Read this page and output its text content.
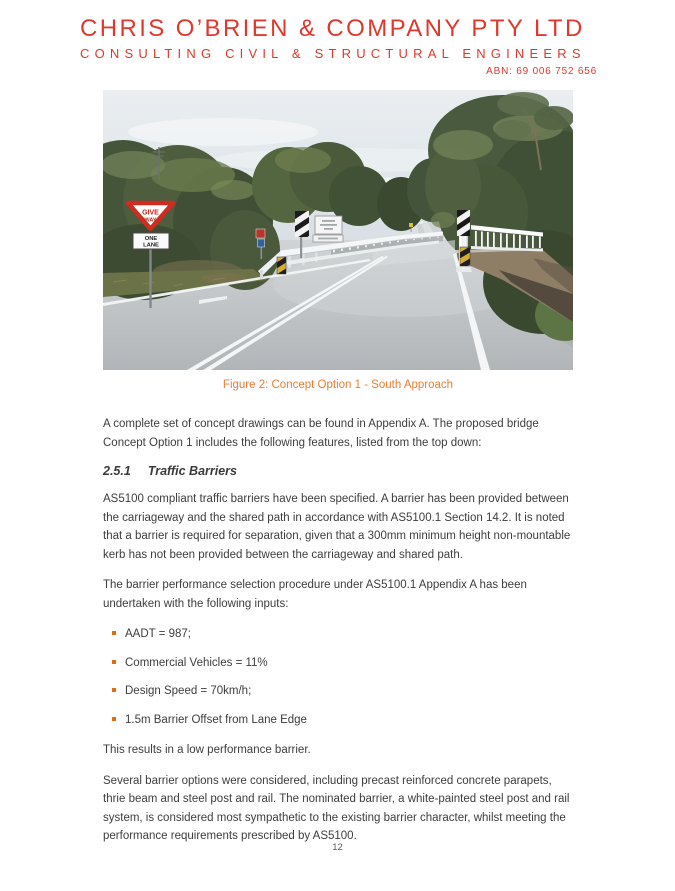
CHRIS O’BRIEN & COMPANY PTY LTD
CONSULTING CIVIL & STRUCTURAL ENGINEERS
ABN: 69 006 752 656
GIVE
WAY
ONE
LANE
Figure 2: Concept Option 1 - South Approach

A complete set of concept drawings can be found in Appendix A. The proposed bridge Concept Option 1 includes the following features, listed from the top down:

2.5.1 Traffic Barriers

AS5100 compliant traffic barriers have been specified. A barrier has been provided between the carriageway and the shared path in accordance with AS5100.1 Section 14.2. It is noted that a barrier is required for separation, given that a 300mm minimum height non-mountable kerb has not been provided between the carriageway and shared path.

The barrier performance selection procedure under AS5100.1 Appendix A has been undertaken with the following inputs:

AADT = 987;
Commercial Vehicles = 11%
Design Speed = 70km/h;
1.5m Barrier Offset from Lane Edge

This results in a low performance barrier.

Several barrier options were considered, including precast reinforced concrete parapets, thrie beam and steel post and rail. The nominated barrier, a white-painted steel post and rail system, is considered most sympathetic to the existing barrier character, whilst meeting the performance requirements prescribed by AS5100.

12
